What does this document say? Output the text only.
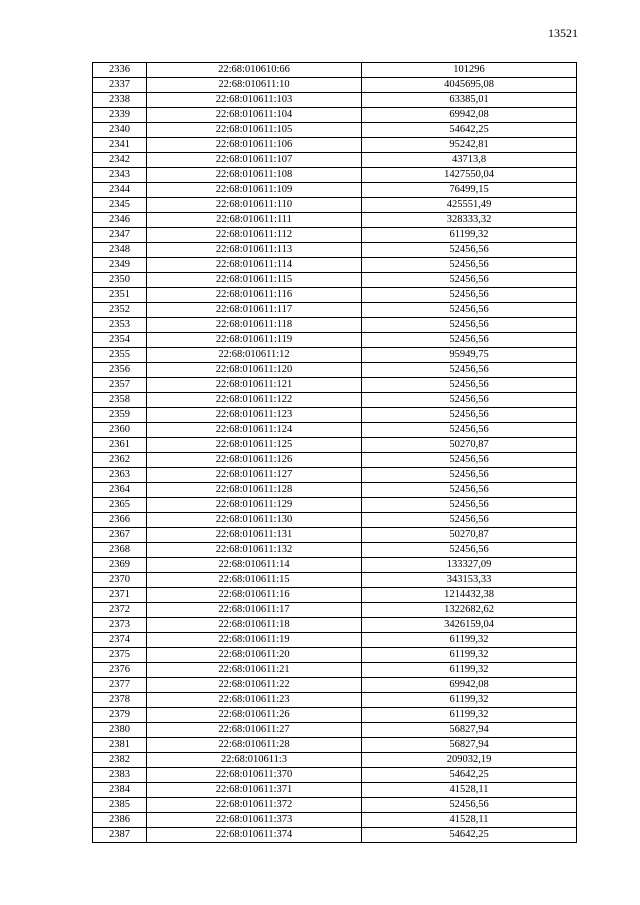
13521
2336	22:68:010610:66	101296
2337	22:68:010611:10	4045695,08
2338	22:68:010611:103	63385,01
2339	22:68:010611:104	69942,08
2340	22:68:010611:105	54642,25
2341	22:68:010611:106	95242,81
2342	22:68:010611:107	43713,8
2343	22:68:010611:108	1427550,04
2344	22:68:010611:109	76499,15
2345	22:68:010611:110	425551,49
2346	22:68:010611:111	328333,32
2347	22:68:010611:112	61199,32
2348	22:68:010611:113	52456,56
2349	22:68:010611:114	52456,56
2350	22:68:010611:115	52456,56
2351	22:68:010611:116	52456,56
2352	22:68:010611:117	52456,56
2353	22:68:010611:118	52456,56
2354	22:68:010611:119	52456,56
2355	22:68:010611:12	95949,75
2356	22:68:010611:120	52456,56
2357	22:68:010611:121	52456,56
2358	22:68:010611:122	52456,56
2359	22:68:010611:123	52456,56
2360	22:68:010611:124	52456,56
2361	22:68:010611:125	50270,87
2362	22:68:010611:126	52456,56
2363	22:68:010611:127	52456,56
2364	22:68:010611:128	52456,56
2365	22:68:010611:129	52456,56
2366	22:68:010611:130	52456,56
2367	22:68:010611:131	50270,87
2368	22:68:010611:132	52456,56
2369	22:68:010611:14	133327,09
2370	22:68:010611:15	343153,33
2371	22:68:010611:16	1214432,38
2372	22:68:010611:17	1322682,62
2373	22:68:010611:18	3426159,04
2374	22:68:010611:19	61199,32
2375	22:68:010611:20	61199,32
2376	22:68:010611:21	61199,32
2377	22:68:010611:22	69942,08
2378	22:68:010611:23	61199,32
2379	22:68:010611:26	61199,32
2380	22:68:010611:27	56827,94
2381	22:68:010611:28	56827,94
2382	22:68:010611:3	209032,19
2383	22:68:010611:370	54642,25
2384	22:68:010611:371	41528,11
2385	22:68:010611:372	52456,56
2386	22:68:010611:373	41528,11
2387	22:68:010611:374	54642,25
